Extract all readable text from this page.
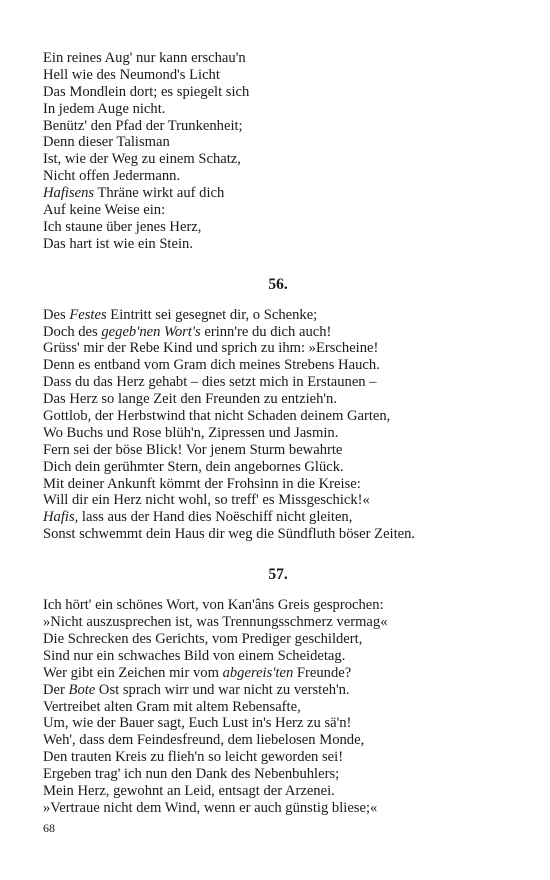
Ein reines Aug' nur kann erschau'n
Hell wie des Neumond's Licht
Das Mondlein dort; es spiegelt sich
In jedem Auge nicht.
Benütz' den Pfad der Trunkenheit;
Denn dieser Talisman
Ist, wie der Weg zu einem Schatz,
Nicht offen Jedermann.
Hafisens Thräne wirkt auf dich
Auf keine Weise ein:
Ich staune über jenes Herz,
Das hart ist wie ein Stein.
56.
Des Festes Eintritt sei gesegnet dir, o Schenke;
Doch des gegeb'nen Wort's erinn're du dich auch!
Grüss' mir der Rebe Kind und sprich zu ihm: »Erscheine!
Denn es entband vom Gram dich meines Strebens Hauch.
Dass du das Herz gehabt – dies setzt mich in Erstaunen –
Das Herz so lange Zeit den Freunden zu entzieh'n.
Gottlob, der Herbstwind that nicht Schaden deinem Garten,
Wo Buchs und Rose blüh'n, Zipressen und Jasmin.
Fern sei der böse Blick! Vor jenem Sturm bewahrte
Dich dein gerühmter Stern, dein angebornes Glück.
Mit deiner Ankunft kömmt der Frohsinn in die Kreise:
Will dir ein Herz nicht wohl, so treff' es Missgeschick!«
Hafis, lass aus der Hand dies Noëschiff nicht gleiten,
Sonst schwemmt dein Haus dir weg die Sündfluth böser Zeiten.
57.
Ich hört' ein schönes Wort, von Kan'âns Greis gesprochen:
»Nicht auszusprechen ist, was Trennungsschmerz vermag«
Die Schrecken des Gerichts, vom Prediger geschildert,
Sind nur ein schwaches Bild von einem Scheidetag.
Wer gibt ein Zeichen mir vom abgereis'ten Freunde?
Der Bote Ost sprach wirr und war nicht zu versteh'n.
Vertreibet alten Gram mit altem Rebensafte,
Um, wie der Bauer sagt, Euch Lust in's Herz zu sä'n!
Weh', dass dem Feindesfreund, dem liebelosen Monde,
Den trauten Kreis zu flieh'n so leicht geworden sei!
Ergeben trag' ich nun den Dank des Nebenbuhlers;
Mein Herz, gewohnt an Leid, entsagt der Arzenei.
»Vertraue nicht dem Wind, wenn er auch günstig bliese;«
68
